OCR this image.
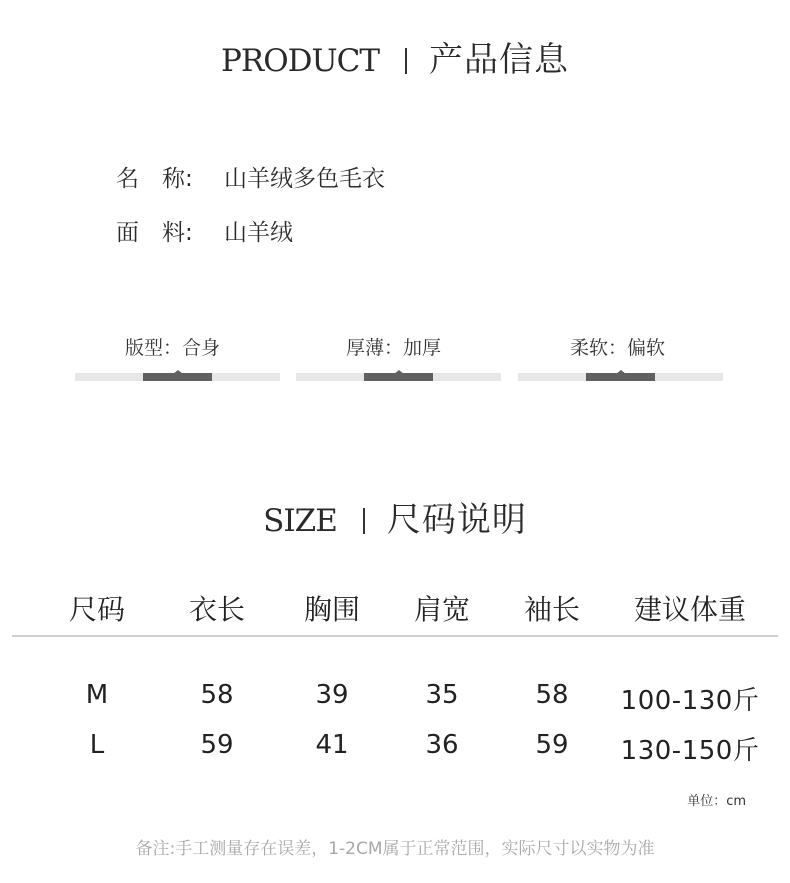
PRODUCT 产品信息
名　称: 山羊绒多色毛衣
面　料: 山羊绒
版型：合身	厚薄：加厚	柔软：偏软
SIZE 尺码说明
尺码 衣长 胸围 肩宽 袖长 建议体重
M	58	39	35	58 100-130斤
L	59	41	36	59 130-150斤
单位：cm
备注:手工测量存在误差，1-2CM属于正常范围，实际尺寸以实物为准
